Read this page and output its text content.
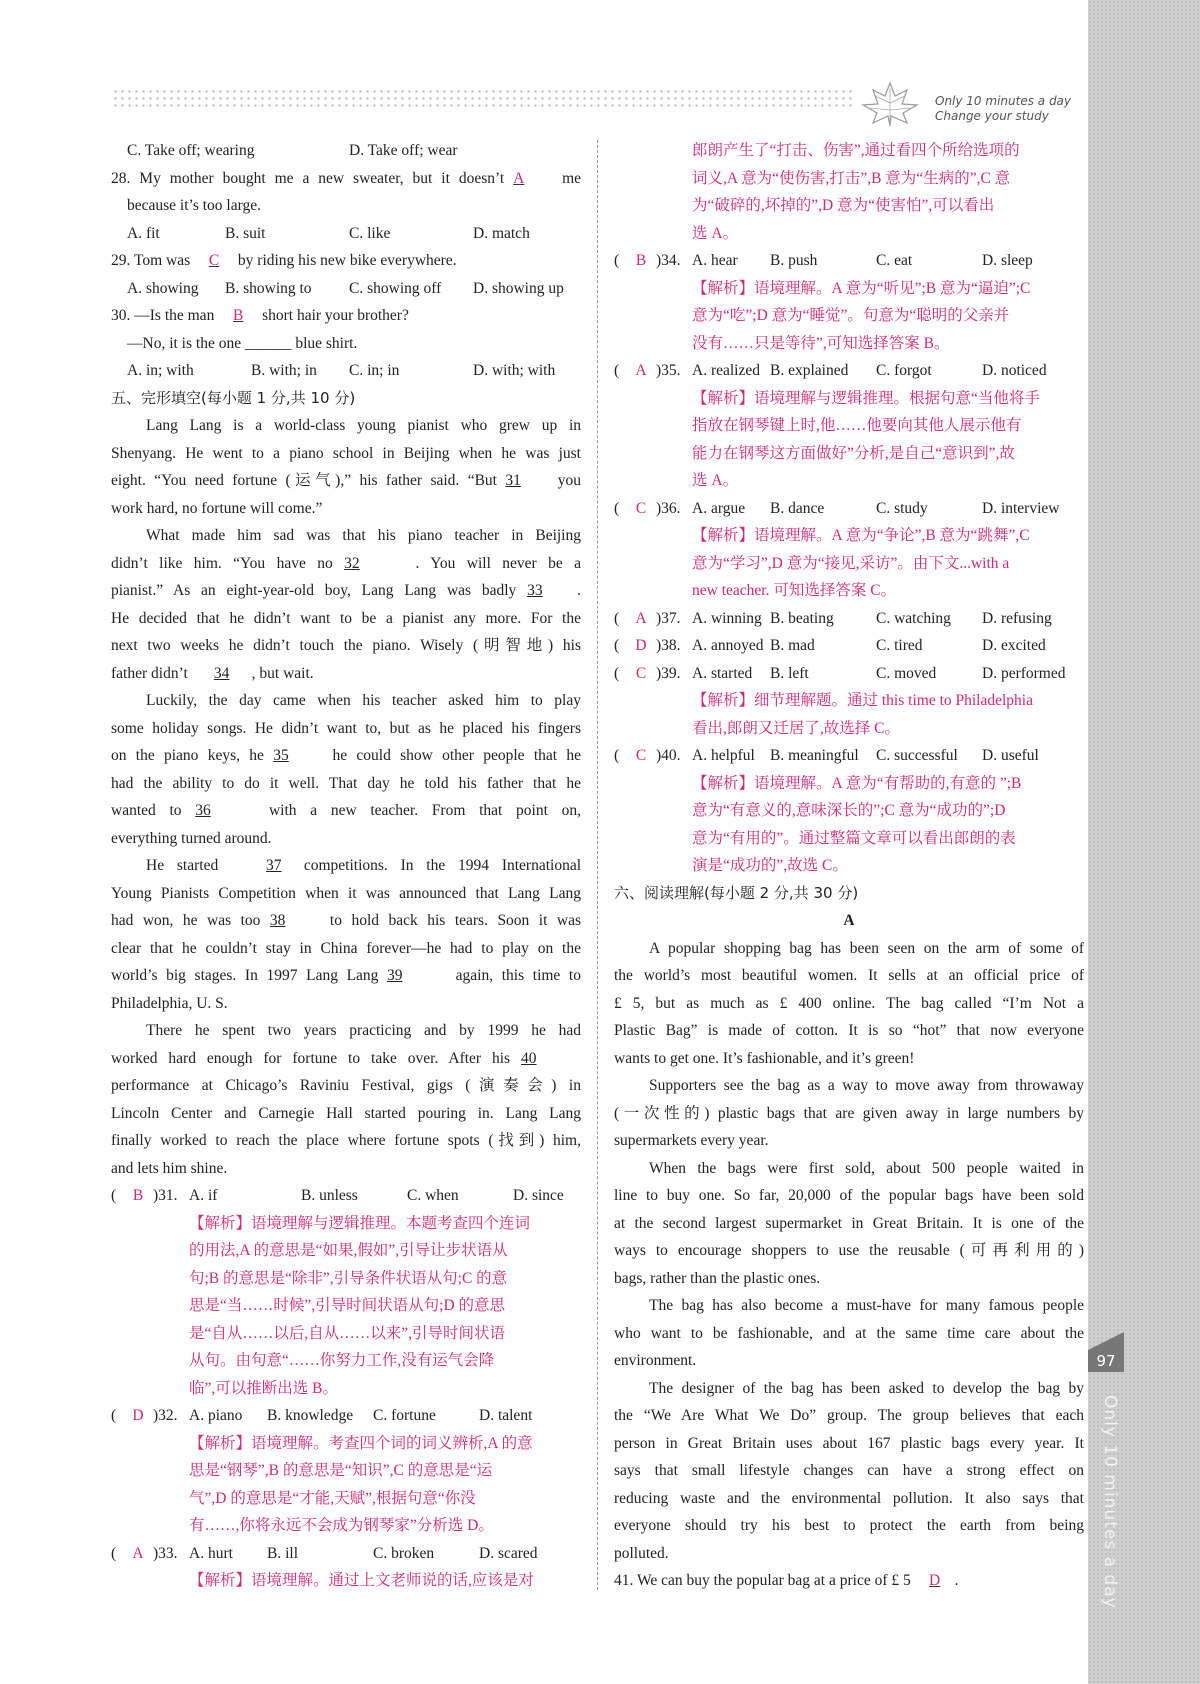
Only 10 minutes a day
Change your study
97
Only 10 minutes a day
C. Take off; wearing	D. Take off; wear
28. My mother bought me a new sweater, but it doesn’t A me
because it’s too large.
A. fit	B. suit	C. like	D. match
29. Tom was C by riding his new bike everywhere.
A. showing	B. showing to	C. showing off	D. showing up
30. —Is the man B short hair your brother?
—No, it is the one ______ blue shirt.
A. in; with	B. with; in	C. in; in	D. with; with
五、完形填空(每小题 1 分,共 10 分)
Lang Lang is a world-class young pianist who grew up in
Shenyang. He went to a piano school in Beijing when he was just
eight. “You need fortune (运气),” his father said. “But 31 you
work hard, no fortune will come.”
What made him sad was that his piano teacher in Beijing
didn’t like him. “You have no 32	. You will never be a
pianist.” As an eight-year-old boy, Lang Lang was badly 33 .
He decided that he didn’t want to be a pianist any more. For the
next two weeks he didn’t touch the piano. Wisely (明智地) his
father didn’t 34 , but wait.
Luckily, the day came when his teacher asked him to play
some holiday songs. He didn’t want to, but as he placed his fingers
on the piano keys, he 35	he could show other people that he
had the ability to do it well. That day he told his father that he
wanted to 36	with a new teacher. From that point on,
everything turned around.
He started	37 competitions. In the 1994 International
Young Pianists Competition when it was announced that Lang Lang
had won, he was too 38	to hold back his tears. Soon it was
clear that he couldn’t stay in China forever—he had to play on the
world’s big stages. In 1997 Lang Lang 39	again, this time to
Philadelphia, U. S.
There he spent two years practicing and by 1999 he had
worked hard enough for fortune to take over. After his 40
performance at Chicago’s Raviniu Festival, gigs (演奏会) in
Lincoln Center and Carnegie Hall started pouring in. Lang Lang
finally worked to reach the place where fortune spots (找到) him,
and lets him shine.
(	B )31. A. if	B. unless	C. when	D. since
【解析】语境理解与逻辑推理。本题考查四个连词
的用法,A 的意思是“如果,假如”,引导让步状语从
句;B 的意思是“除非”,引导条件状语从句;C 的意
思是“当……时候”,引导时间状语从句;D 的意思
是“自从……以后,自从……以来”,引导时间状语
从句。由句意“……你努力工作,没有运气会降
临”,可以推断出选 B。
(	D )32. A. piano	B. knowledge	C. fortune	D. talent
【解析】语境理解。考查四个词的词义辨析,A 的意
思是“钢琴”,B 的意思是“知识”,C 的意思是“运
气”,D 的意思是“才能,天赋”,根据句意“你没
有……,你将永远不会成为钢琴家”分析选 D。
(	A )33. A. hurt	B. ill	C. broken	D. scared
【解析】语境理解。通过上文老师说的话,应该是对
郎朗产生了“打击、伤害”,通过看四个所给选项的
词义,A 意为“使伤害,打击”,B 意为“生病的”,C 意
为“破碎的,坏掉的”,D 意为“使害怕”,可以看出
选 A。
(	B )34. A. hear	B. push	C. eat	D. sleep
【解析】语境理解。A 意为“听见”;B 意为“逼迫”;C
意为“吃”;D 意为“睡觉”。句意为“聪明的父亲并
没有……只是等待”,可知选择答案 B。
(	A )35. A. realized B. explained	C. forgot	D. noticed
【解析】语境理解与逻辑推理。根据句意“当他将手
指放在钢琴键上时,他……他要向其他人展示他有
能力在钢琴这方面做好”分析,是自己“意识到”,故
选 A。
(	C )36. A. argue	B. dance	C. study	D. interview
【解析】语境理解。A 意为“争论”,B 意为“跳舞”,C
意为“学习”,D 意为“接见,采访”。由下文...with a
new teacher. 可知选择答案 C。
(	A )37. A. winning B. beating	C. watching	D. refusing
(	D )38. A. annoyed B. mad	C. tired	D. excited
(	C )39. A. started	B. left	C. moved	D. performed
【解析】细节理解题。通过 this time to Philadelphia
看出,郎朗又迁居了,故选择 C。
(	C )40. A. helpful B. meaningful	C. successful	D. useful
【解析】语境理解。A 意为“有帮助的,有意的 ”;B
意为“有意义的,意味深长的”;C 意为“成功的”;D
意为“有用的”。通过整篇文章可以看出郎朗的表
演是“成功的”,故选 C。
六、阅读理解(每小题 2 分,共 30 分)
A
A popular shopping bag has been seen on the arm of some of
the world’s most beautiful women. It sells at an official price of
£ 5, but as much as £ 400 online. The bag called “I’m Not a
Plastic Bag” is made of cotton. It is so “hot” that now everyone
wants to get one. It’s fashionable, and it’s green!
Supporters see the bag as a way to move away from throwaway
(一次性的) plastic bags that are given away in large numbers by
supermarkets every year.
When the bags were first sold, about 500 people waited in
line to buy one. So far, 20,000 of the popular bags have been sold
at the second largest supermarket in Great Britain. It is one of the
ways to encourage shoppers to use the reusable (可再利用的)
bags, rather than the plastic ones.
The bag has also become a must-have for many famous people
who want to be fashionable, and at the same time care about the
environment.
The designer of the bag has been asked to develop the bag by
the “We Are What We Do” group. The group believes that each
person in Great Britain uses about 167 plastic bags every year. It
says that small lifestyle changes can have a strong effect on
reducing waste and the environmental pollution. It also says that
everyone should try his best to protect the earth from being
polluted.
41. We can buy the popular bag at a price of £ 5 D .
